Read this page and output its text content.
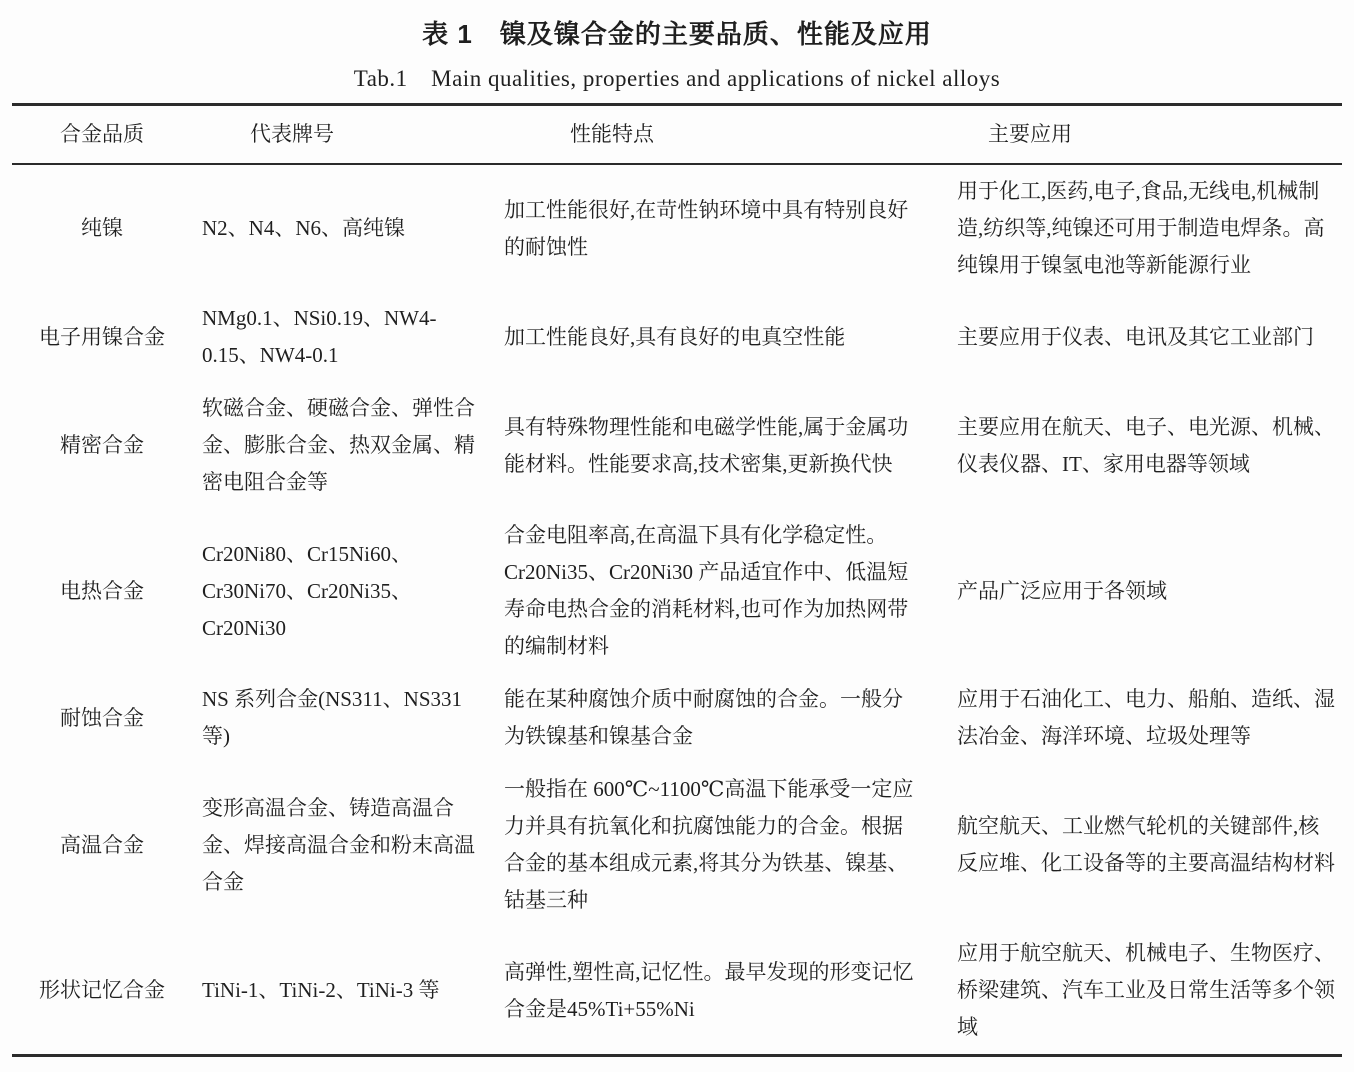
表 1　镍及镍合金的主要品质、性能及应用
Tab.1　Main qualities, properties and applications of nickel alloys
合金品质	代表牌号	性能特点	主要应用
纯镍	N2、N4、N6、高纯镍	加工性能很好,在苛性钠环境中具有特别良好的耐蚀性	用于化工,医药,电子,食品,无线电,机械制造,纺织等,纯镍还可用于制造电焊条。高纯镍用于镍氢电池等新能源行业
电子用镍合金	NMg0.1、NSi0.19、NW4-0.15、NW4-0.1	加工性能良好,具有良好的电真空性能	主要应用于仪表、电讯及其它工业部门
精密合金	软磁合金、硬磁合金、弹性合金、膨胀合金、热双金属、精密电阻合金等	具有特殊物理性能和电磁学性能,属于金属功能材料。性能要求高,技术密集,更新换代快	主要应用在航天、电子、电光源、机械、仪表仪器、IT、家用电器等领域
电热合金	Cr20Ni80、Cr15Ni60、Cr30Ni70、Cr20Ni35、Cr20Ni30	合金电阻率高,在高温下具有化学稳定性。Cr20Ni35、Cr20Ni30 产品适宜作中、低温短寿命电热合金的消耗材料,也可作为加热网带的编制材料	产品广泛应用于各领域
耐蚀合金	NS 系列合金(NS311、NS331 等)	能在某种腐蚀介质中耐腐蚀的合金。一般分为铁镍基和镍基合金	应用于石油化工、电力、船舶、造纸、湿法冶金、海洋环境、垃圾处理等
高温合金	变形高温合金、铸造高温合金、焊接高温合金和粉末高温合金	一般指在 600℃~1100℃高温下能承受一定应力并具有抗氧化和抗腐蚀能力的合金。根据合金的基本组成元素,将其分为铁基、镍基、钴基三种	航空航天、工业燃气轮机的关键部件,核反应堆、化工设备等的主要高温结构材料
形状记忆合金	TiNi-1、TiNi-2、TiNi-3 等	高弹性,塑性高,记忆性。最早发现的形变记忆合金是45%Ti+55%Ni	应用于航空航天、机械电子、生物医疗、桥梁建筑、汽车工业及日常生活等多个领域
